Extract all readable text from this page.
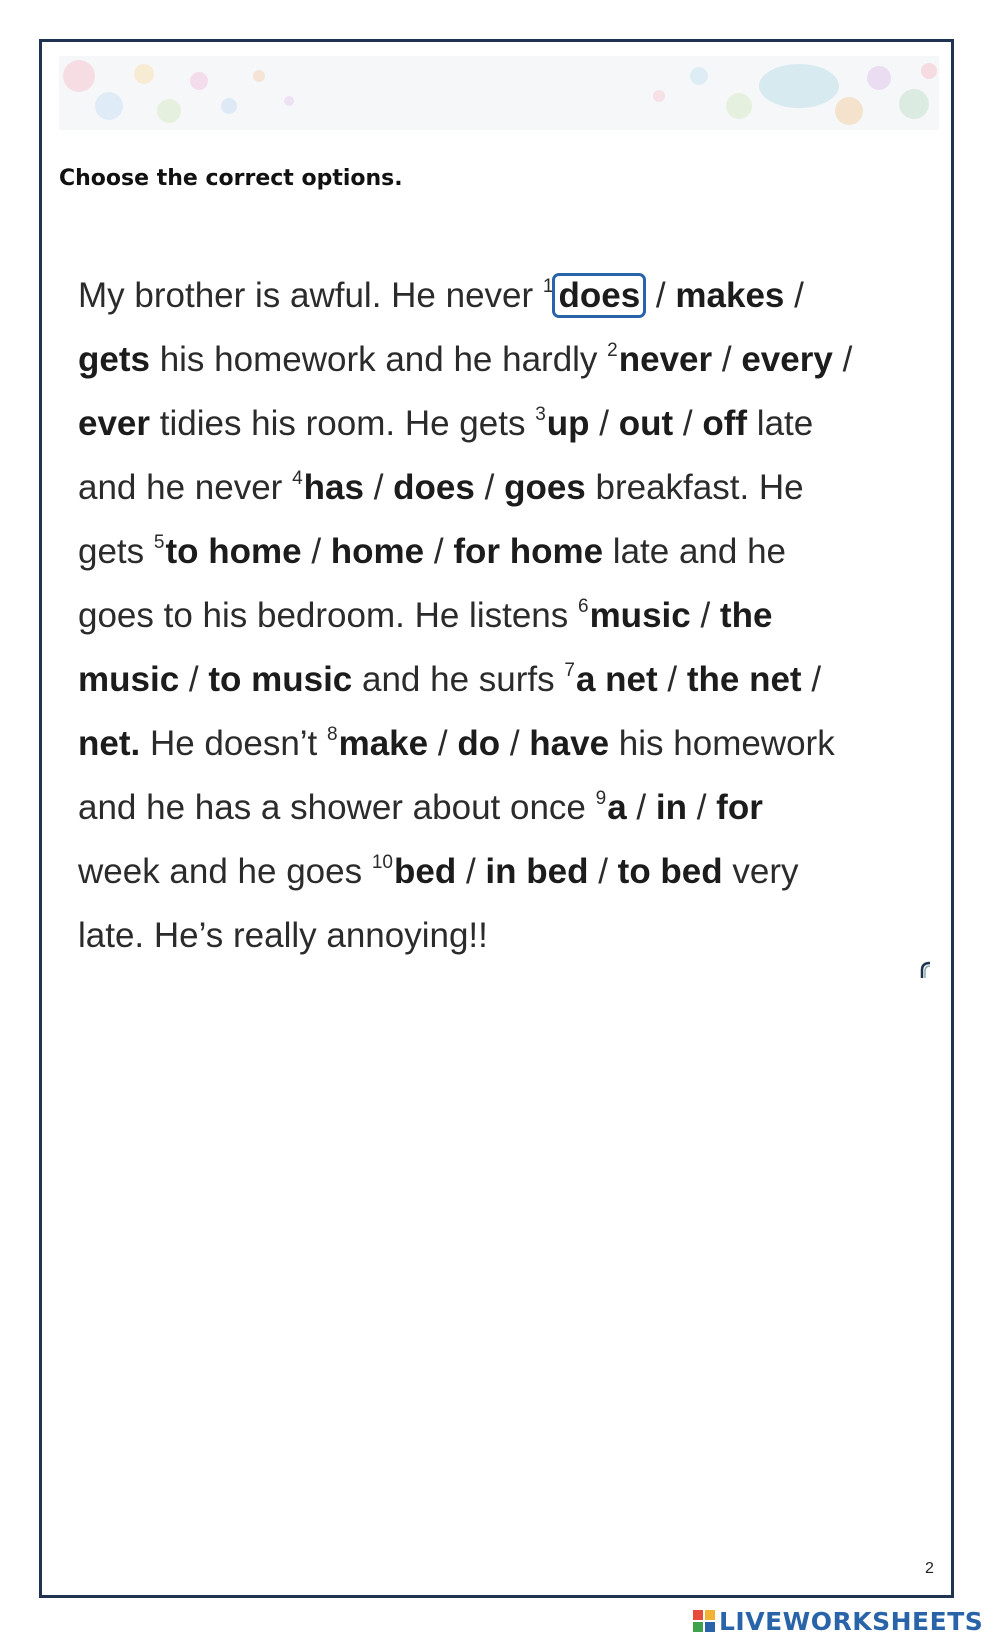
Choose the correct options.
My brother is awful. He never $^1$ does / makes /
gets his homework and he hardly $^2$never / every /
ever tidies his room. He gets $^3$up / out / off late
and he never $^4$has / does / goes breakfast. He
gets $^5$to home / home / for home late and he
goes to his bedroom. He listens $^6$music / the
music / to music and he surfs $^7$a net / the net /
net. He doesn’t $^8$make / do / have his homework
and he has a shower about once $^9$a / in / for
week and he goes $^{10}$bed / in bed / to bed very
late. He’s really annoying!!
2
LIVEWORKSHEETS
